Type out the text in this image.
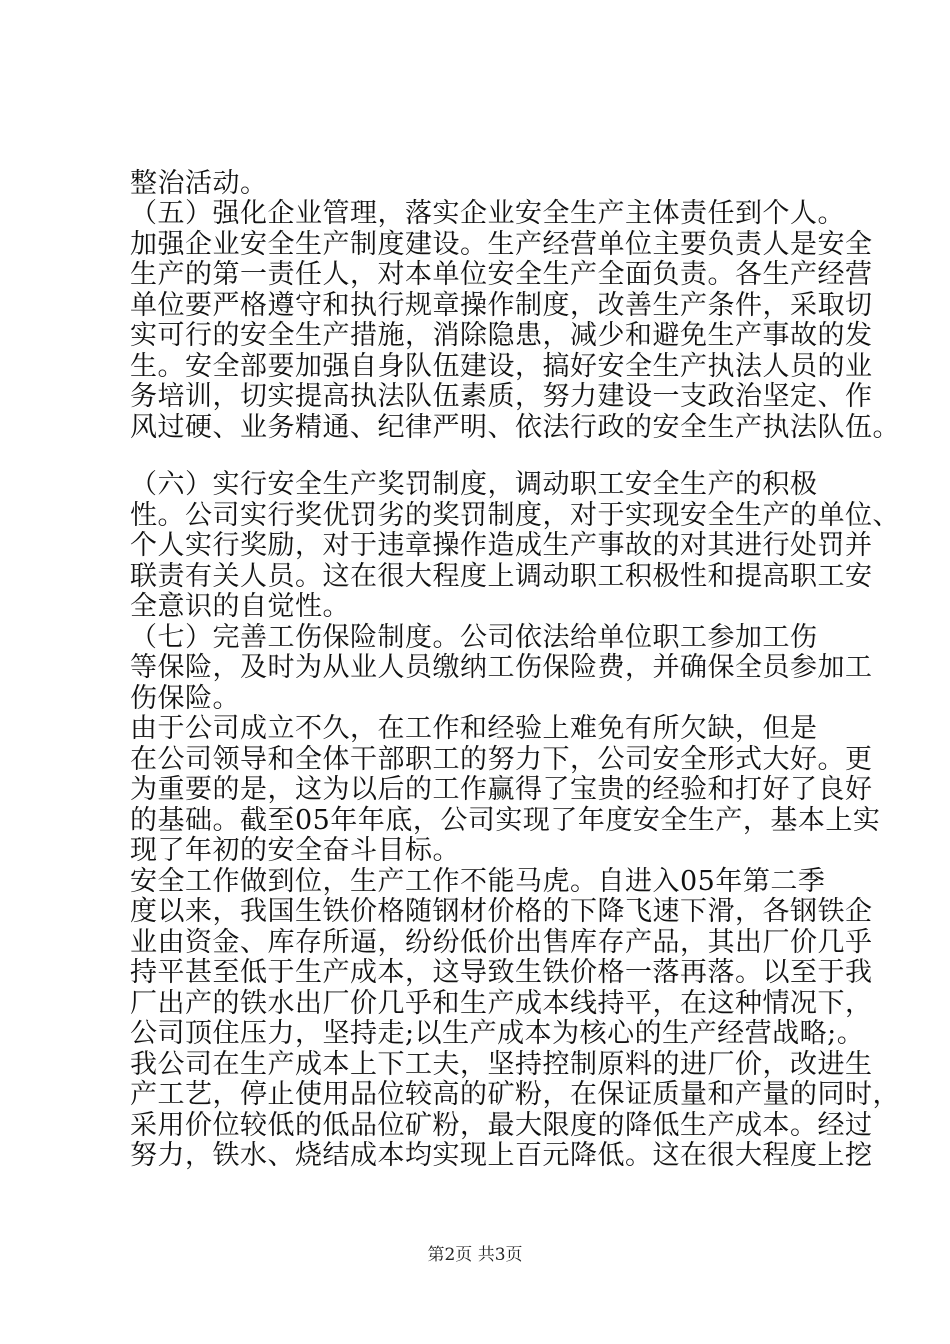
整治活动。
（五）强化企业管理，落实企业安全生产主体责任到个人。
加强企业安全生产制度建设。生产经营单位主要负责人是安全
生产的第一责任人，对本单位安全生产全面负责。各生产经营
单位要严格遵守和执行规章操作制度，改善生产条件，采取切
实可行的安全生产措施，消除隐患，减少和避免生产事故的发
生。安全部要加强自身队伍建设，搞好安全生产执法人员的业
务培训，切实提高执法队伍素质，努力建设一支政治坚定、作
风过硬、业务精通、纪律严明、依法行政的安全生产执法队伍。
（六）实行安全生产奖罚制度，调动职工安全生产的积极
性。公司实行奖优罚劣的奖罚制度，对于实现安全生产的单位、
个人实行奖励，对于违章操作造成生产事故的对其进行处罚并
联责有关人员。这在很大程度上调动职工积极性和提高职工安
全意识的自觉性。
（七）完善工伤保险制度。公司依法给单位职工参加工伤
等保险，及时为从业人员缴纳工伤保险费，并确保全员参加工
伤保险。
由于公司成立不久，在工作和经验上难免有所欠缺，但是
在公司领导和全体干部职工的努力下，公司安全形式大好。更
为重要的是，这为以后的工作赢得了宝贵的经验和打好了良好
的基础。截至05年年底，公司实现了年度安全生产，基本上实
现了年初的安全奋斗目标。
安全工作做到位，生产工作不能马虎。自进入05年第二季
度以来，我国生铁价格随钢材价格的下降飞速下滑，各钢铁企
业由资金、库存所逼，纷纷低价出售库存产品，其出厂价几乎
持平甚至低于生产成本，这导致生铁价格一落再落。以至于我
厂出产的铁水出厂价几乎和生产成本线持平，在这种情况下，
公司顶住压力，坚持走;以生产成本为核心的生产经营战略;。
我公司在生产成本上下工夫，坚持控制原料的进厂价，改进生
产工艺，停止使用品位较高的矿粉，在保证质量和产量的同时，
采用价位较低的低品位矿粉，最大限度的降低生产成本。经过
努力，铁水、烧结成本均实现上百元降低。这在很大程度上挖
第2页 共3页
